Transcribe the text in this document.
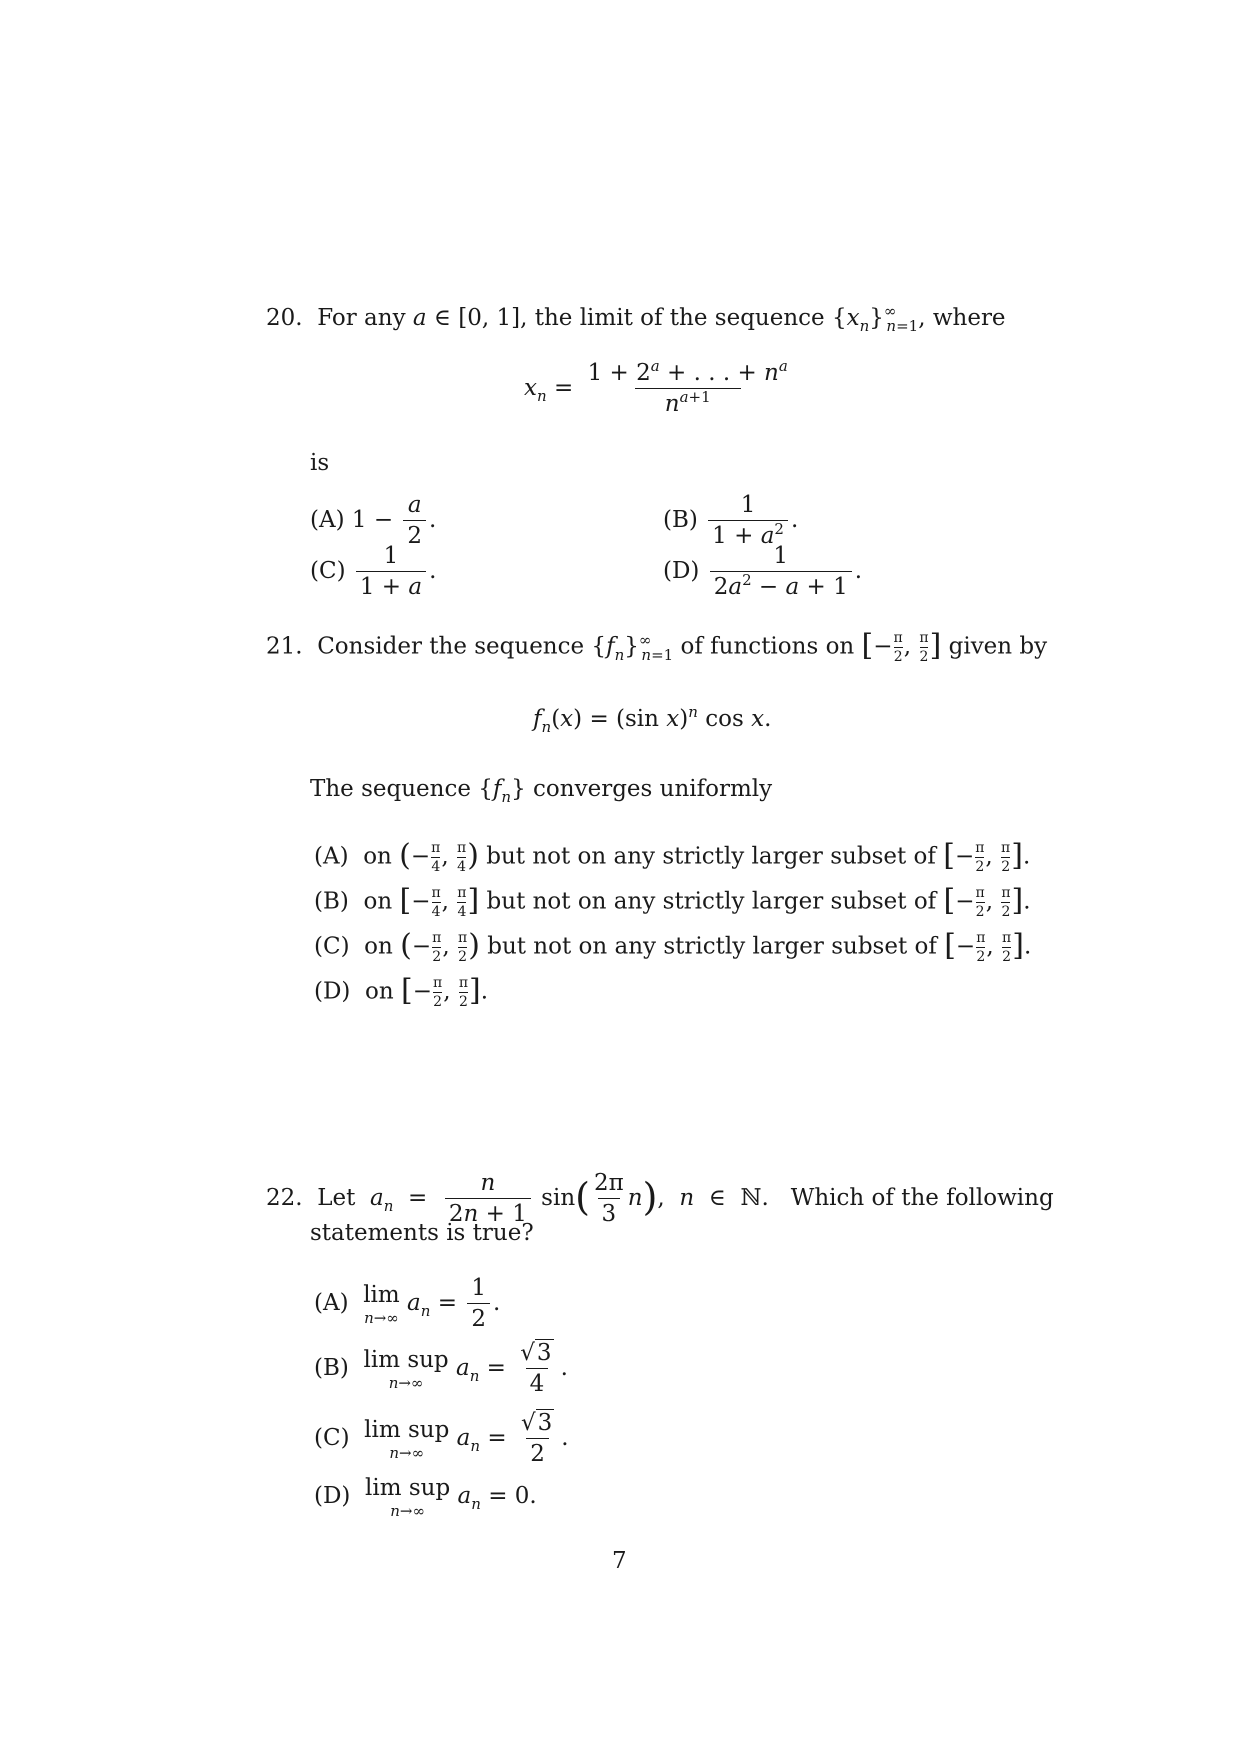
20. For any a ∈ [0, 1], the limit of the sequence $\{x_n\}^\infty_{n=1}$, where
$x_n = \frac{1 + 2^a + . . . + n^a}{n^{a+1}}$
is
(A) $1 - \frac{a}{2}$ .	$(B) \frac{1}{1 + a^2}$ .
$(C) \frac{1}{1 + a}$ .	$(D) \frac{1}{2a^2 - a + 1}$ .
21. Consider the sequence $\{f_n\}^\infty_{n=1}$ of functions on [− $\frac{\pi}{2}$ , $\frac{\pi}{2}$ ] given by
$f_n(x) = (\sin$ x)$^n$ cos x.
The sequence $\{f_n\}$ converges uniformly
(A) on (− $\frac{\pi}{4}$ , $\frac{\pi}{4}$ ) but not on any strictly larger subset of [− $\frac{\pi}{2}$ , $\frac{\pi}{2}$ ].
(B) on [− $\frac{\pi}{4}$ , $\frac{\pi}{4}$ ] but not on any strictly larger subset of [− $\frac{\pi}{2}$ , $\frac{\pi}{2}$ ].
(C) on (− $\frac{\pi}{2}$ , $\frac{\pi}{2}$ ) but not on any strictly larger subset of [− $\frac{\pi}{2}$ , $\frac{\pi}{2}$ ].
(D) on [− $\frac{\pi}{2}$ , $\frac{\pi}{2}$ ].
22. Let $a_n = \frac{n}{2n + 1} \sin( \frac{2\pi}{3} n)$,  n  ∈  ℕ.   Which of the following
statements is true?
(A) lim
n→∞
$a_n = \frac{1}{2}$ .
(B) lim sup
n→∞
$a_n = \frac{√3}{4}$ .
(C) lim sup
n→∞
$a_n = \frac{√3}{2}$ .
(D) lim sup
n→∞
$a_n = 0$.
7
